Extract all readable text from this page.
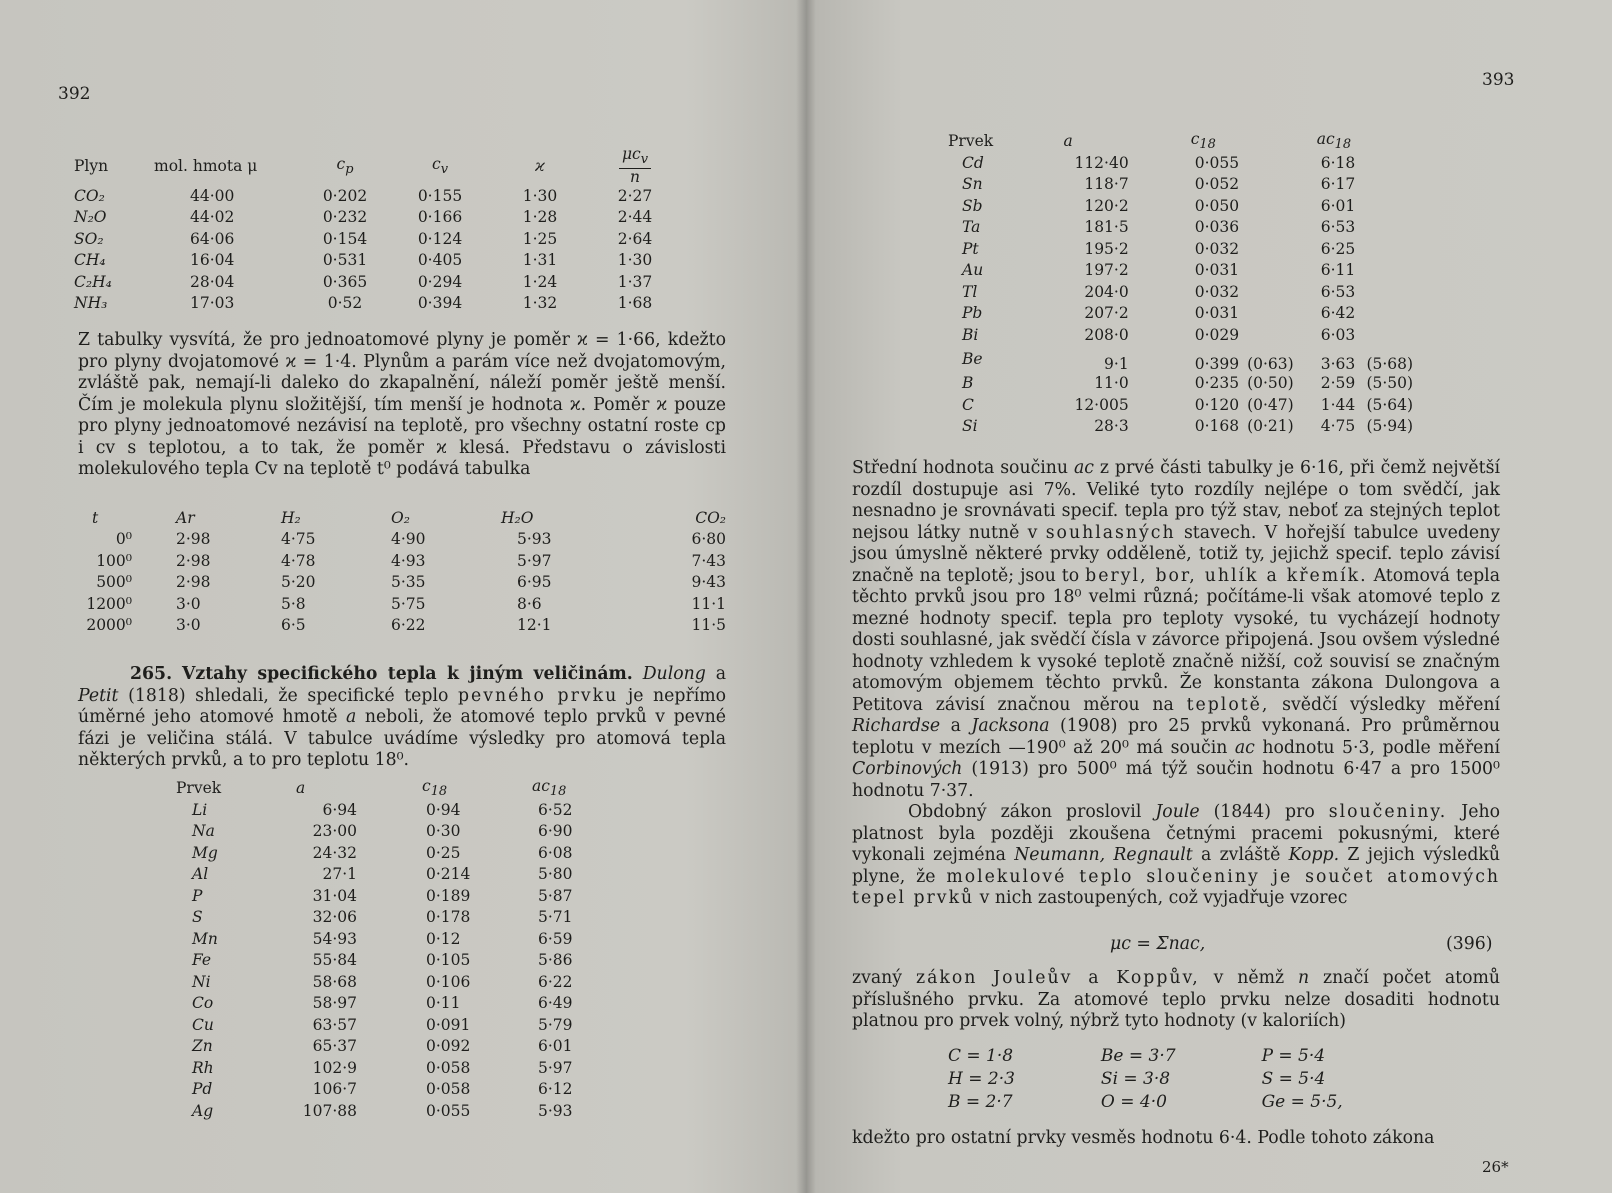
392
Plyn	mol. hmota μ	$c_p$	$c_v$	ϰ	$\frac{\mu c_v}{n}$

CO₂	44·00	0·202	0·155	1·30	2·27
N₂O	44·02	0·232	0·166	1·28	2·44
SO₂	64·06	0·154	0·124	1·25	2·64
CH₄	16·04	0·531	0·405	1·31	1·30
C₂H₄	28·04	0·365	0·294	1·24	1·37
NH₃	17·03	0·52	0·394	1·32	1·68
Z tabulky vysvítá, že pro jednoatomové plyny je poměr ϰ = 1·66, kdežto pro plyny dvojatomové ϰ = 1·4. Plynům a parám více než dvojatomovým, zvláště pak, nemají-li daleko do zkapalnění, náleží poměr ještě menší. Čím je molekula plynu složitější, tím menší je hodnota ϰ. Poměr ϰ pouze pro plyny jednoatomové nezávisí na teplotě, pro všechny ostatní roste cp i cv s teplotou, a to tak, že poměr ϰ klesá. Představu o závislosti molekulového tepla Cv na teplotě t⁰ podává tabulka
t	Ar	H₂	O₂	H₂O	CO₂
0⁰	2·98	4·75	4·90	5·93	6·80
100⁰	2·98	4·78	4·93	5·97	7·43
500⁰	2·98	5·20	5·35	6·95	9·43
1200⁰	3·0	5·8	5·75	8·6	11·1
2000⁰	3·0	6·5	6·22	12·1	11·5

265. Vztahy specifického tepla k jiným veličinám. Dulong a Petit (1818) shledali, že specifické teplo pevného prvku je nepřímo úměrné jeho atomové hmotě a neboli, že atomové teplo prvků v pevné fázi je veličina stálá. V tabulce uvádíme výsledky pro atomová tepla některých prvků, a to pro teplotu 18⁰.

Prvek	a	$c_{18}$	$ac_{18}$
Li	6·94	0·94	6·52
Na	23·00	0·30	6·90
Mg	24·32	0·25	6·08
Al	27·1	0·214	5·80
P	31·04	0·189	5·87
S	32·06	0·178	5·71
Mn	54·93	0·12	6·59
Fe	55·84	0·105	5·86
Ni	58·68	0·106	6·22
Co	58·97	0·11	6·49
Cu	63·57	0·091	5·79
Zn	65·37	0·092	6·01
Rh	102·9	0·058	5·97
Pd	106·7	0·058	6·12
Ag	107·88	0·055	5·93
393
Prvek	a	$c_{18}$		$ac_{18}$	
Cd	112·40	0·055		6·18	
Sn	118·7	0·052		6·17	
Sb	120·2	0·050		6·01	
Ta	181·5	0·036		6·53	
Pt	195·2	0·032		6·25	
Au	197·2	0·031		6·11	
Tl	204·0	0·032		6·53	
Pb	207·2	0·031		6·42	
Bi	208·0	0·029		6·03	
Be	9·1	0·399	(0·63)	3·63	(5·68)
B	11·0	0·235	(0·50)	2·59	(5·50)
C	12·005	0·120	(0·47)	1·44	(5·64)
Si	28·3	0·168	(0·21)	4·75	(5·94)

Střední hodnota součinu ac z prvé části tabulky je 6·16, při čemž největší rozdíl dostupuje asi 7%. Veliké tyto rozdíly nejlépe o tom svědčí, jak nesnadno je srovnávati specif. tepla pro týž stav, neboť za stejných teplot nejsou látky nutně v souhlasných stavech. V hořejší tabulce uvedeny jsou úmyslně některé prvky odděleně, totiž ty, jejichž specif. teplo závisí značně na teplotě; jsou to beryl, bor, uhlík a křemík. Atomová tepla těchto prvků jsou pro 18⁰ velmi různá; počítáme-li však atomové teplo z mezné hodnoty specif. tepla pro teploty vysoké, tu vycházejí hodnoty dosti souhlasné, jak svědčí čísla v závorce připojená. Jsou ovšem výsledné hodnoty vzhledem k vysoké teplotě značně nižší, což souvisí se značným atomovým objemem těchto prvků. Že konstanta zákona Dulongova a Petitova závisí značnou měrou na teplotě, svědčí výsledky měření Richardse a Jacksona (1908) pro 25 prvků vykonaná. Pro průměrnou teplotu v mezích —190⁰ až 20⁰ má součin ac hodnotu 5·3, podle měření Corbinových (1913) pro 500⁰ má týž součin hodnotu 6·47 a pro 1500⁰ hodnotu 7·37.

Obdobný zákon proslovil Joule (1844) pro sloučeniny. Jeho platnost byla později zkoušena četnými pracemi pokusnými, které vykonali zejména Neumann, Regnault a zvláště Kopp. Z jejich výsledků plyne, že molekulové teplo sloučeniny je součet atomových tepel prvků v nich zastoupených, což vyjadřuje vzorec

μc = Σnac,	(396)

zvaný zákon Jouleův a Koppův, v němž n značí počet atomů příslušného prvku. Za atomové teplo prvku nelze dosaditi hodnotu platnou pro prvek volný, nýbrž tyto hodnoty (v kaloriích)

C = 1·8	Be = 3·7	P = 5·4
H = 2·3	Si = 3·8	S = 5·4
B = 2·7	O = 4·0	Ge = 5·5,
kdežto pro ostatní prvky vesměs hodnotu 6·4. Podle tohoto zákona
26*
